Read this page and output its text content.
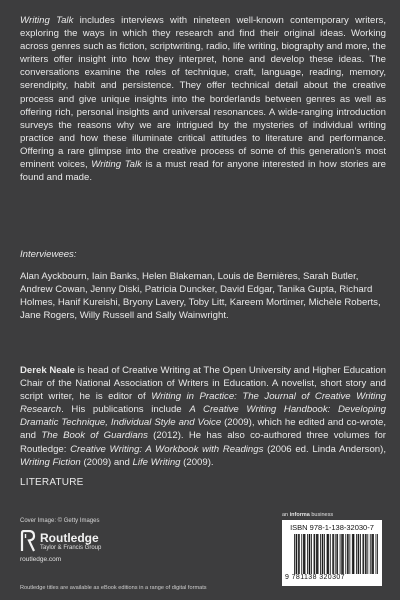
Writing Talk includes interviews with nineteen well-known contemporary writers, exploring the ways in which they research and find their original ideas. Working across genres such as fiction, scriptwriting, radio, life writing, biography and more, the writers offer insight into how they interpret, hone and develop these ideas. The conversations examine the roles of technique, craft, language, reading, memory, serendipity, habit and persistence. They offer technical detail about the creative process and give unique insights into the borderlands between genres as well as offering rich, personal insights and universal resonances. A wide-ranging introduction surveys the reasons why we are intrigued by the mysteries of individual writing practice and how these illuminate critical attitudes to literature and performance. Offering a rare glimpse into the creative process of some of this generation’s most eminent voices, Writing Talk is a must read for anyone interested in how stories are found and made.

Interviewees:

Alan Ayckbourn, Iain Banks, Helen Blakeman, Louis de Bernières, Sarah Butler, Andrew Cowan, Jenny Diski, Patricia Duncker, David Edgar, Tanika Gupta, Richard Holmes, Hanif Kureishi, Bryony Lavery, Toby Litt, Kareem Mortimer, Michèle Roberts, Jane Rogers, Willy Russell and Sally Wainwright.

Derek Neale is head of Creative Writing at The Open University and Higher Education Chair of the National Association of Writers in Education. A novelist, short story and script writer, he is editor of Writing in Practice: The Journal of Creative Writing Research. His publications include A Creative Writing Handbook: Developing Dramatic Technique, Individual Style and Voice (2009), which he edited and co-wrote, and The Book of Guardians (2012). He has also co-authored three volumes for Routledge: Creative Writing: A Workbook with Readings (2006 ed. Linda Anderson), Writing Fiction (2009) and Life Writing (2009).

LITERATURE

Cover Image: © Getty Images
Routledge
Taylor & Francis Group
routledge.com
Routledge titles are available as eBook editions in a range of digital formats
an informa business
ISBN 978-1-138-32030-7
9 781138 320307
